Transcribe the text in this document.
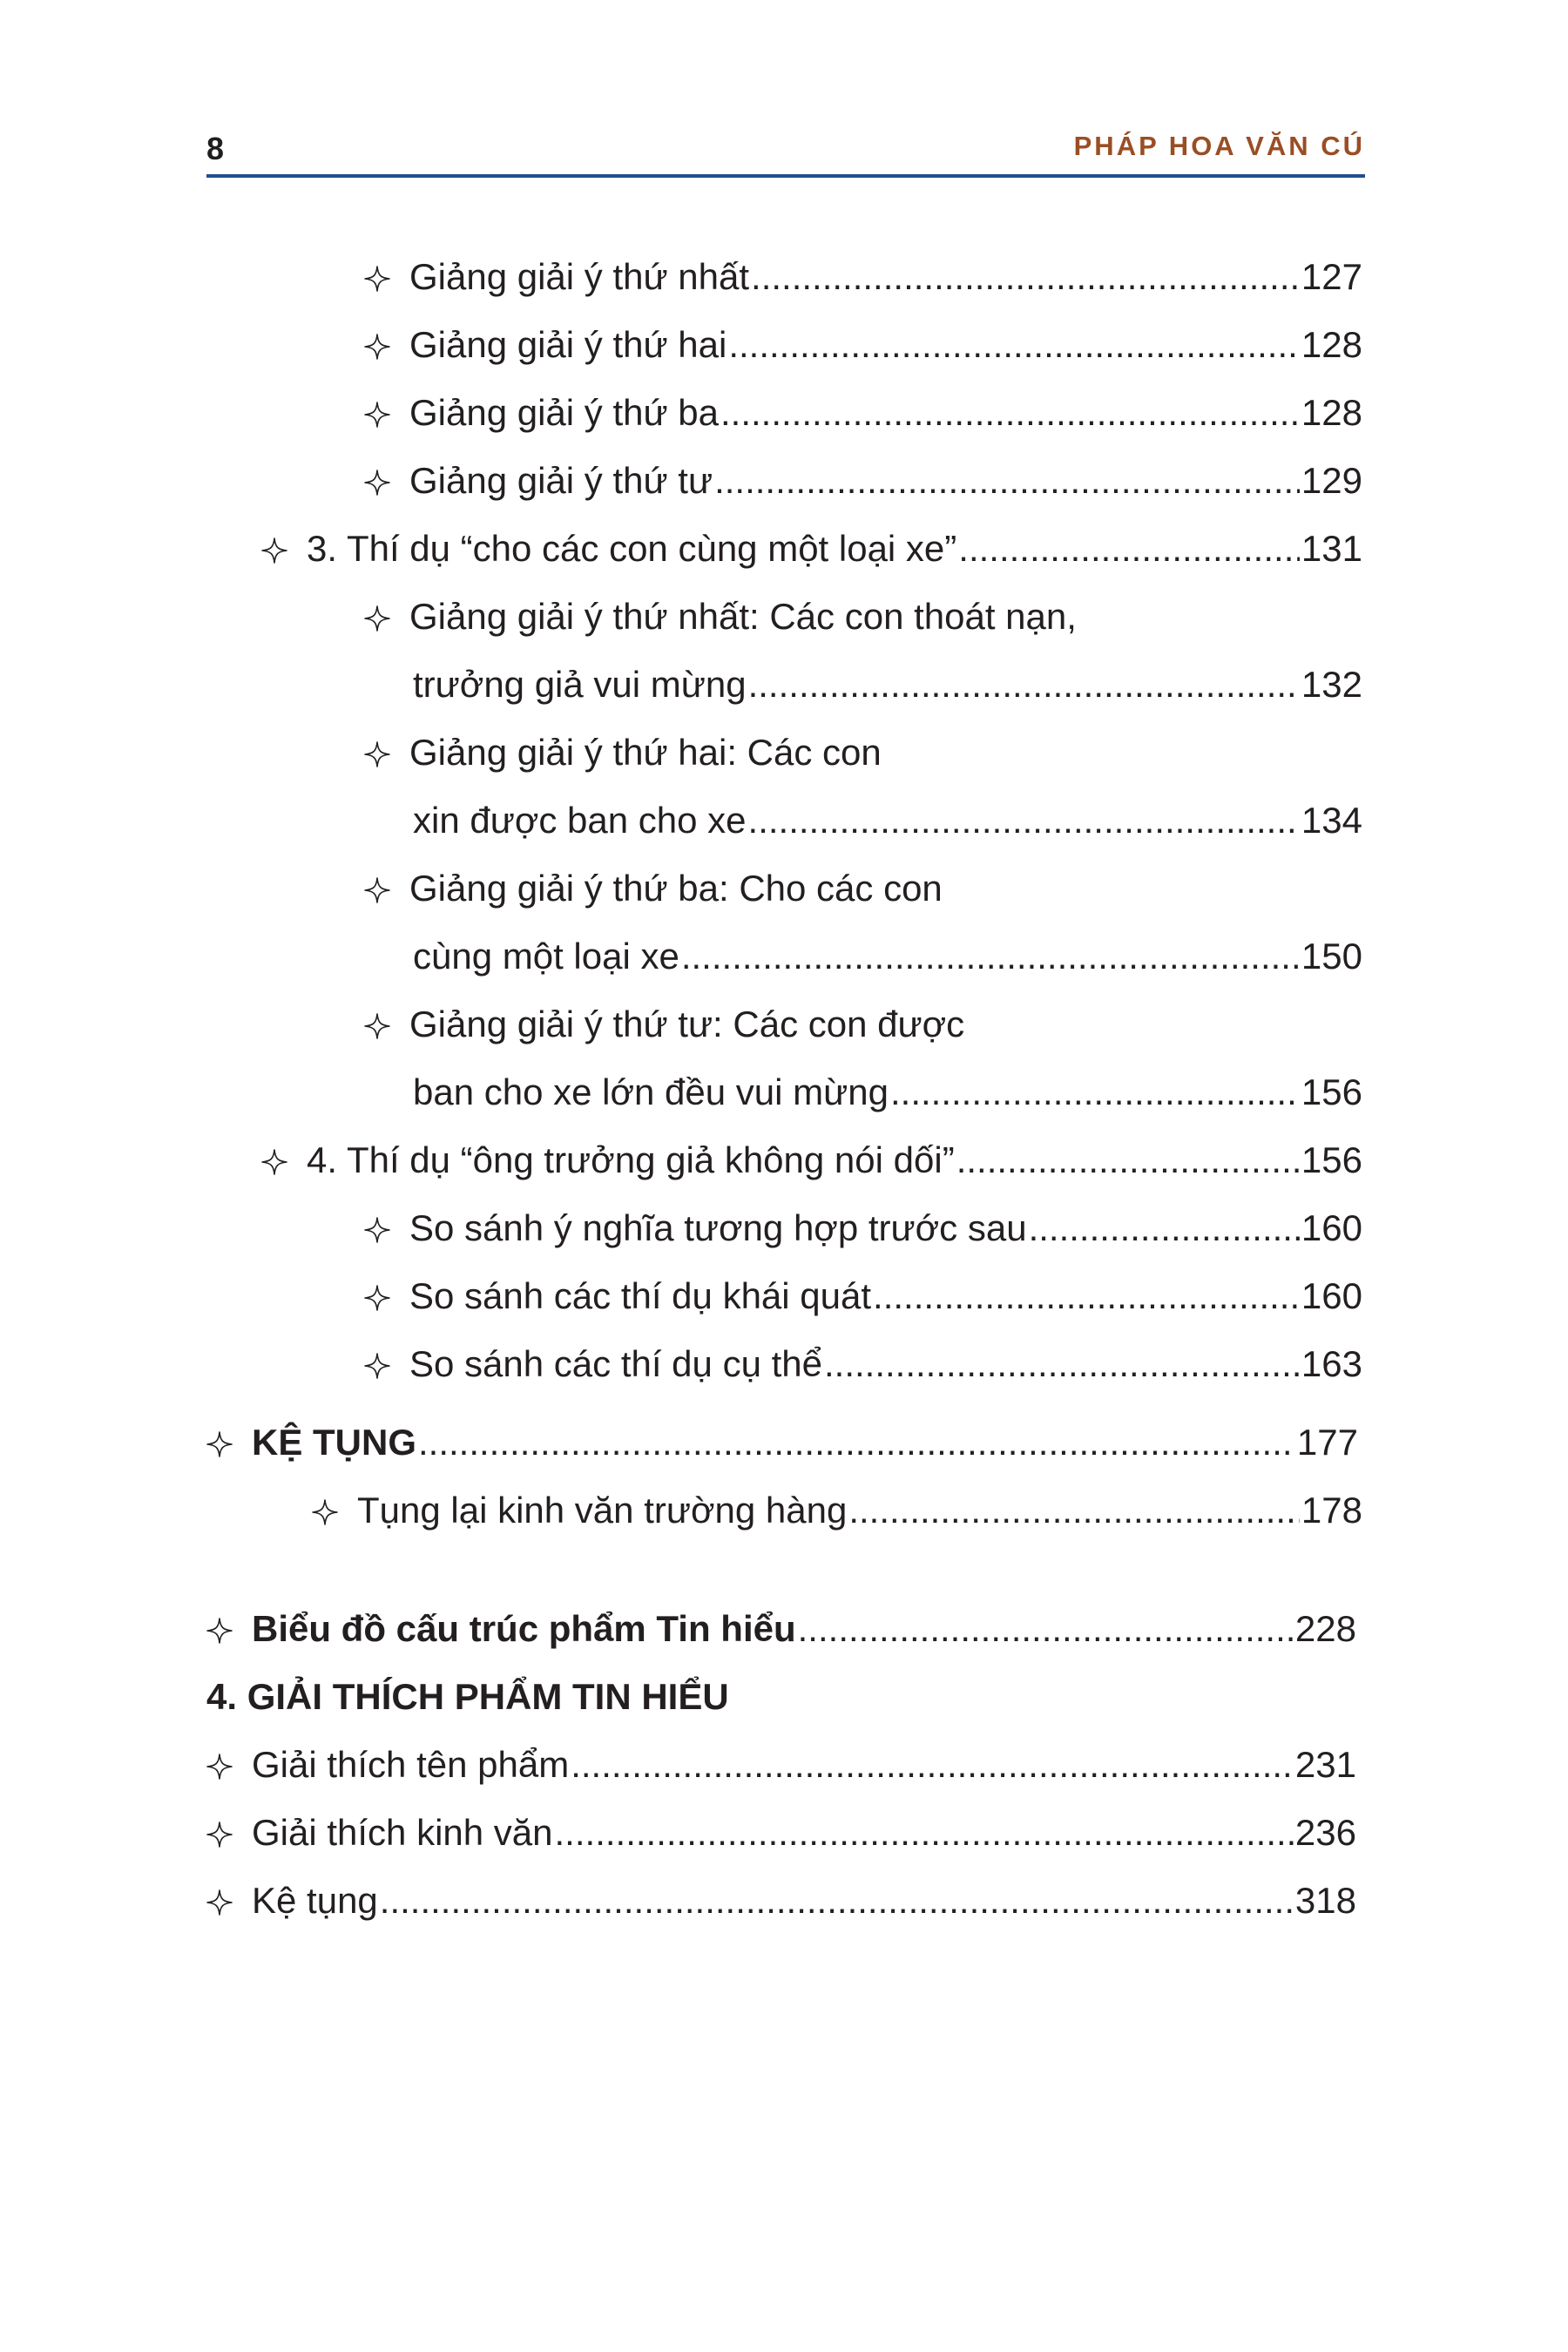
8	PHÁP HOA VĂN CÚ
Giảng giải ý thứ nhất .....	127
Giảng giải ý thứ hai .....	128
Giảng giải ý thứ ba .....	128
Giảng giải ý thứ tư .....	129
3. Thí dụ “cho các con cùng một loại xe” .....	131
Giảng giải ý thứ nhất: Các con thoát nạn,
trưởng giả vui mừng .....	132
Giảng giải ý thứ hai: Các con
xin được ban cho xe .....	134
Giảng giải ý thứ ba: Cho các con
cùng một loại xe .....	150
Giảng giải ý thứ tư: Các con được
ban cho xe lớn đều vui mừng .....	156
4. Thí dụ “ông trưởng giả không nói dối” .....	156
So sánh ý nghĩa tương hợp trước sau .....	160
So sánh các thí dụ khái quát .....	160
So sánh các thí dụ cụ thể .....	163
KỆ TỤNG .....	177
Tụng lại kinh văn trường hàng .....	178
Biểu đồ cấu trúc phẩm Tin hiểu .....	228
4. GIẢI THÍCH PHẨM TIN HIỂU
Giải thích tên phẩm .....	231
Giải thích kinh văn .....	236
Kệ tụng .....	318
